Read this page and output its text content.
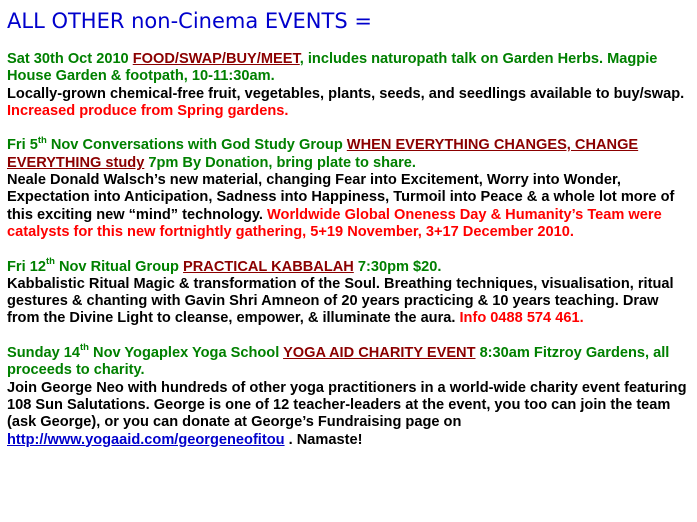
ALL OTHER non-Cinema EVENTS =
Sat 30th Oct 2010 FOOD/SWAP/BUY/MEET, includes naturopath talk on Garden Herbs. Magpie House Garden & footpath, 10-11:30am.
Locally-grown chemical-free fruit, vegetables, plants, seeds, and seedlings available to buy/swap. Increased produce from Spring gardens.
Fri 5th Nov Conversations with God Study Group WHEN EVERYTHING CHANGES, CHANGE EVERYTHING study 7pm By Donation, bring plate to share.
Neale Donald Walsch’s new material, changing Fear into Excitement, Worry into Wonder, Expectation into Anticipation, Sadness into Happiness, Turmoil into Peace & a whole lot more of this exciting new “mind” technology. Worldwide Global Oneness Day & Humanity’s Team were catalysts for this new fortnightly gathering, 5+19 November, 3+17 December 2010.
Fri 12th Nov Ritual Group PRACTICAL KABBALAH 7:30pm $20.
Kabbalistic Ritual Magic & transformation of the Soul. Breathing techniques, visualisation, ritual gestures & chanting with Gavin Shri Amneon of 20 years practicing & 10 years teaching. Draw from the Divine Light to cleanse, empower, & illuminate the aura. Info 0488 574 461.
Sunday 14th Nov Yogaplex Yoga School YOGA AID CHARITY EVENT 8:30am Fitzroy Gardens, all proceeds to charity.
Join George Neo with hundreds of other yoga practitioners in a world-wide charity event featuring 108 Sun Salutations. George is one of 12 teacher-leaders at the event, you too can join the team (ask George), or you can donate at George’s Fundraising page on http://www.yogaaid.com/georgeneofitou . Namaste!
